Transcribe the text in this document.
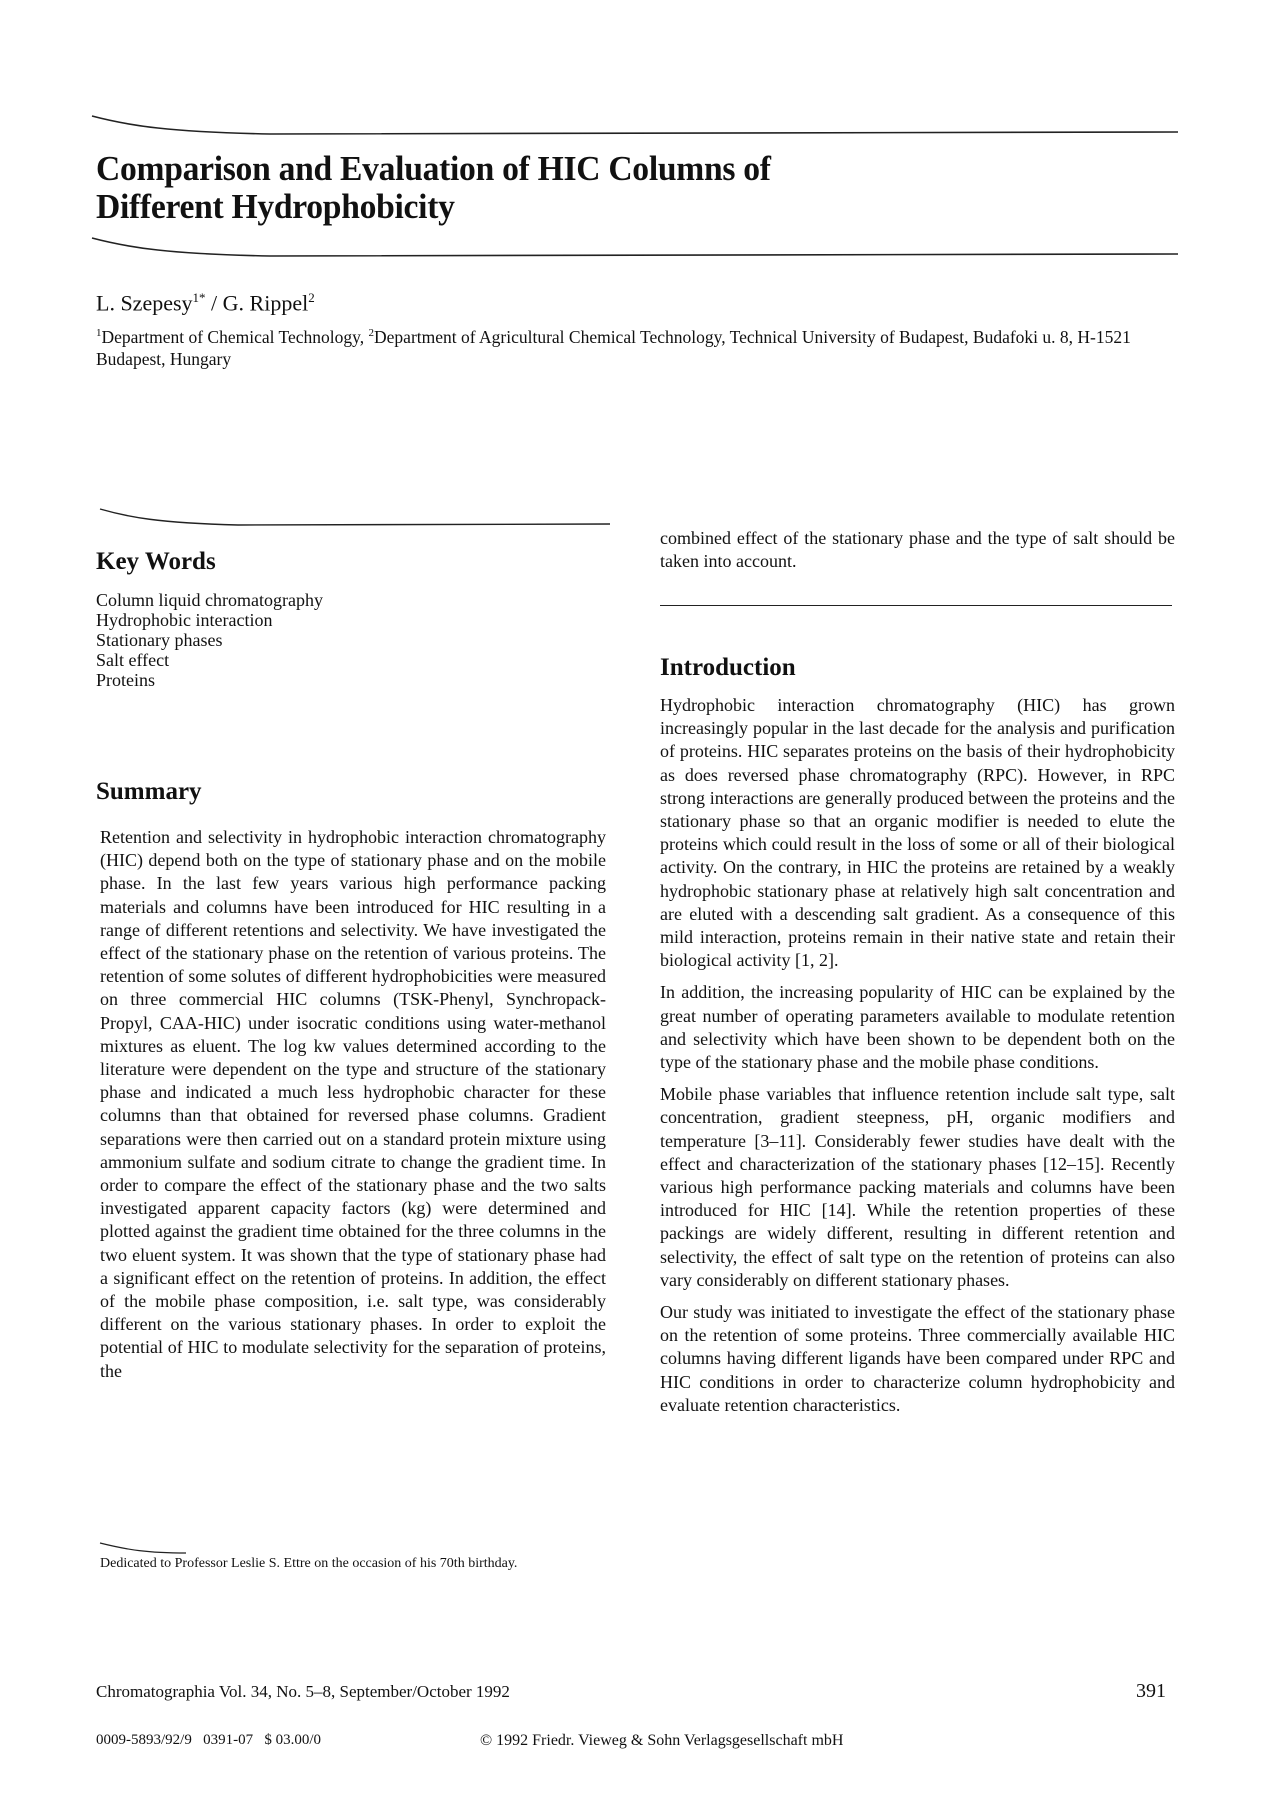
Comparison and Evaluation of HIC Columns of
Different Hydrophobicity
L. Szepesy$^{1*}$ / G. Rippel$^2$
$^1$Department of Chemical Technology, $^2$Department of Agricultural Chemical Technology, Technical University of Budapest, Budafoki u. 8, H-1521 Budapest, Hungary
Key Words
Column liquid chromatography
Hydrophobic interaction
Stationary phases
Salt effect
Proteins
Summary
Retention and selectivity in hydrophobic interaction chromatography (HIC) depend both on the type of stationary phase and on the mobile phase. In the last few years various high performance packing materials and columns have been introduced for HIC resulting in a range of different retentions and selectivity. We have investigated the effect of the stationary phase on the retention of various proteins. The retention of some solutes of different hydrophobicities were measured on three commercial HIC columns (TSK-Phenyl, Synchropack-Propyl, CAA-HIC) under isocratic conditions using water-methanol mixtures as eluent. The log kw values determined according to the literature were dependent on the type and structure of the stationary phase and indicated a much less hydrophobic character for these columns than that obtained for reversed phase columns. Gradient separations were then carried out on a standard protein mixture using ammonium sulfate and sodium citrate to change the gradient time. In order to compare the effect of the stationary phase and the two salts investigated apparent capacity factors (kg) were determined and plotted against the gradient time obtained for the three columns in the two eluent system. It was shown that the type of stationary phase had a significant effect on the retention of proteins. In addition, the effect of the mobile phase composition, i.e. salt type, was considerably different on the various stationary phases. In order to exploit the potential of HIC to modulate selectivity for the separation of proteins, the
Dedicated to Professor Leslie S. Ettre on the occasion of his 70th birthday.
combined effect of the stationary phase and the type of salt should be taken into account.
Introduction

Hydrophobic interaction chromatography (HIC) has grown increasingly popular in the last decade for the analysis and purification of proteins. HIC separates proteins on the basis of their hydrophobicity as does reversed phase chromatography (RPC). However, in RPC strong interactions are generally produced between the proteins and the stationary phase so that an organic modifier is needed to elute the proteins which could result in the loss of some or all of their biological activity. On the contrary, in HIC the proteins are retained by a weakly hydrophobic stationary phase at relatively high salt concentration and are eluted with a descending salt gradient. As a consequence of this mild interaction, proteins remain in their native state and retain their biological activity [1, 2].

In addition, the increasing popularity of HIC can be explained by the great number of operating parameters available to modulate retention and selectivity which have been shown to be dependent both on the type of the stationary phase and the mobile phase conditions.

Mobile phase variables that influence retention include salt type, salt concentration, gradient steepness, pH, organic modifiers and temperature [3–11]. Considerably fewer studies have dealt with the effect and characterization of the stationary phases [12–15]. Recently various high performance packing materials and columns have been introduced for HIC [14]. While the retention properties of these packings are widely different, resulting in different retention and selectivity, the effect of salt type on the retention of proteins can also vary considerably on different stationary phases.

Our study was initiated to investigate the effect of the stationary phase on the retention of some proteins. Three commercially available HIC columns having different ligands have been compared under RPC and HIC conditions in order to characterize column hydrophobicity and evaluate retention characteristics.

Chromatographia Vol. 34, No. 5–8, September/October 1992	391
0009-5893/92/9   0391-07   $ 03.00/0	© 1992 Friedr. Vieweg & Sohn Verlagsgesellschaft mbH
